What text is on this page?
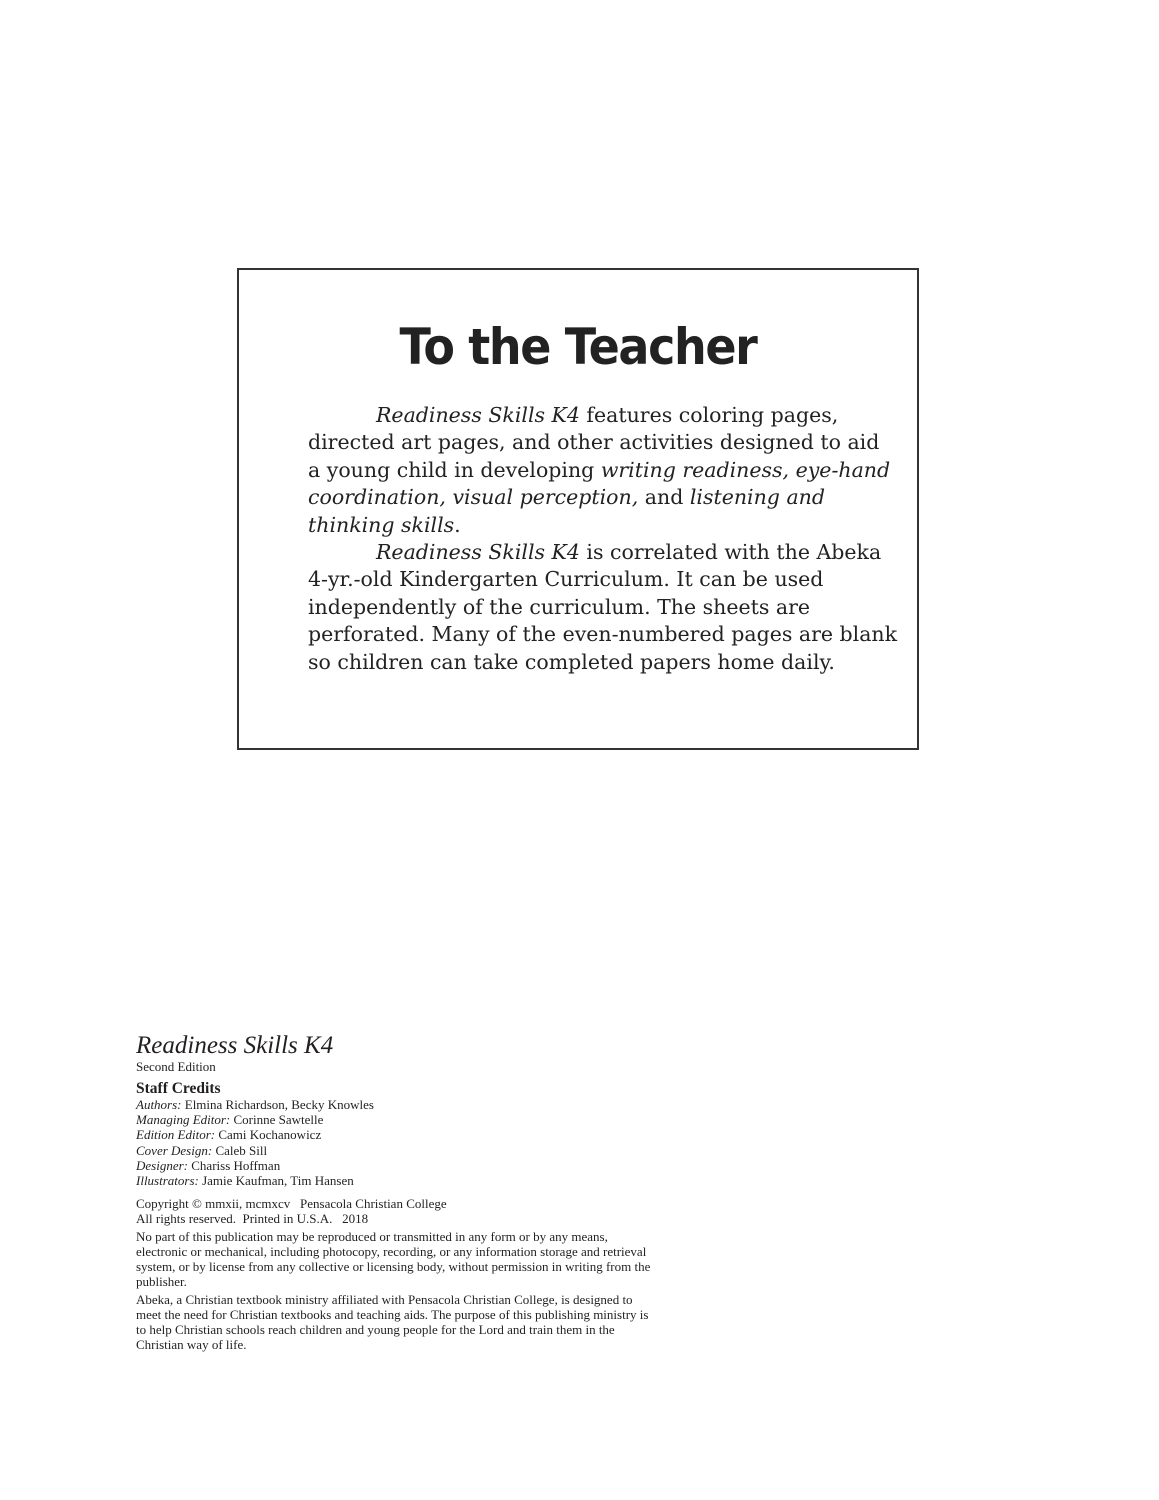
To the Teacher

Readiness Skills K4 features coloring pages, directed art pages, and other activities designed to aid a young child in developing writing readiness, eye-hand coordination, visual perception, and listening and thinking skills.

Readiness Skills K4 is correlated with the Abeka 4-yr.-old Kindergarten Curriculum. It can be used independently of the curriculum. The sheets are perforated. Many of the even-numbered pages are blank so children can take completed papers home daily.

Readiness Skills K4
Second Edition
Staff Credits
Authors: Elmina Richardson, Becky Knowles
Managing Editor: Corinne Sawtelle
Edition Editor: Cami Kochanowicz
Cover Design: Caleb Sill
Designer: Chariss Hoffman
Illustrators: Jamie Kaufman, Tim Hansen
Copyright © mmxii, mcmxcv   Pensacola Christian College
All rights reserved.  Printed in U.S.A.   2018
No part of this publication may be reproduced or transmitted in any form or by any means, electronic or mechanical, including photocopy, recording, or any information storage and retrieval system, or by license from any collective or licensing body, without permission in writing from the publisher.
Abeka, a Christian textbook ministry affiliated with Pensacola Christian College, is designed to meet the need for Christian textbooks and teaching aids. The purpose of this publishing ministry is to help Christian schools reach children and young people for the Lord and train them in the Christian way of life.
